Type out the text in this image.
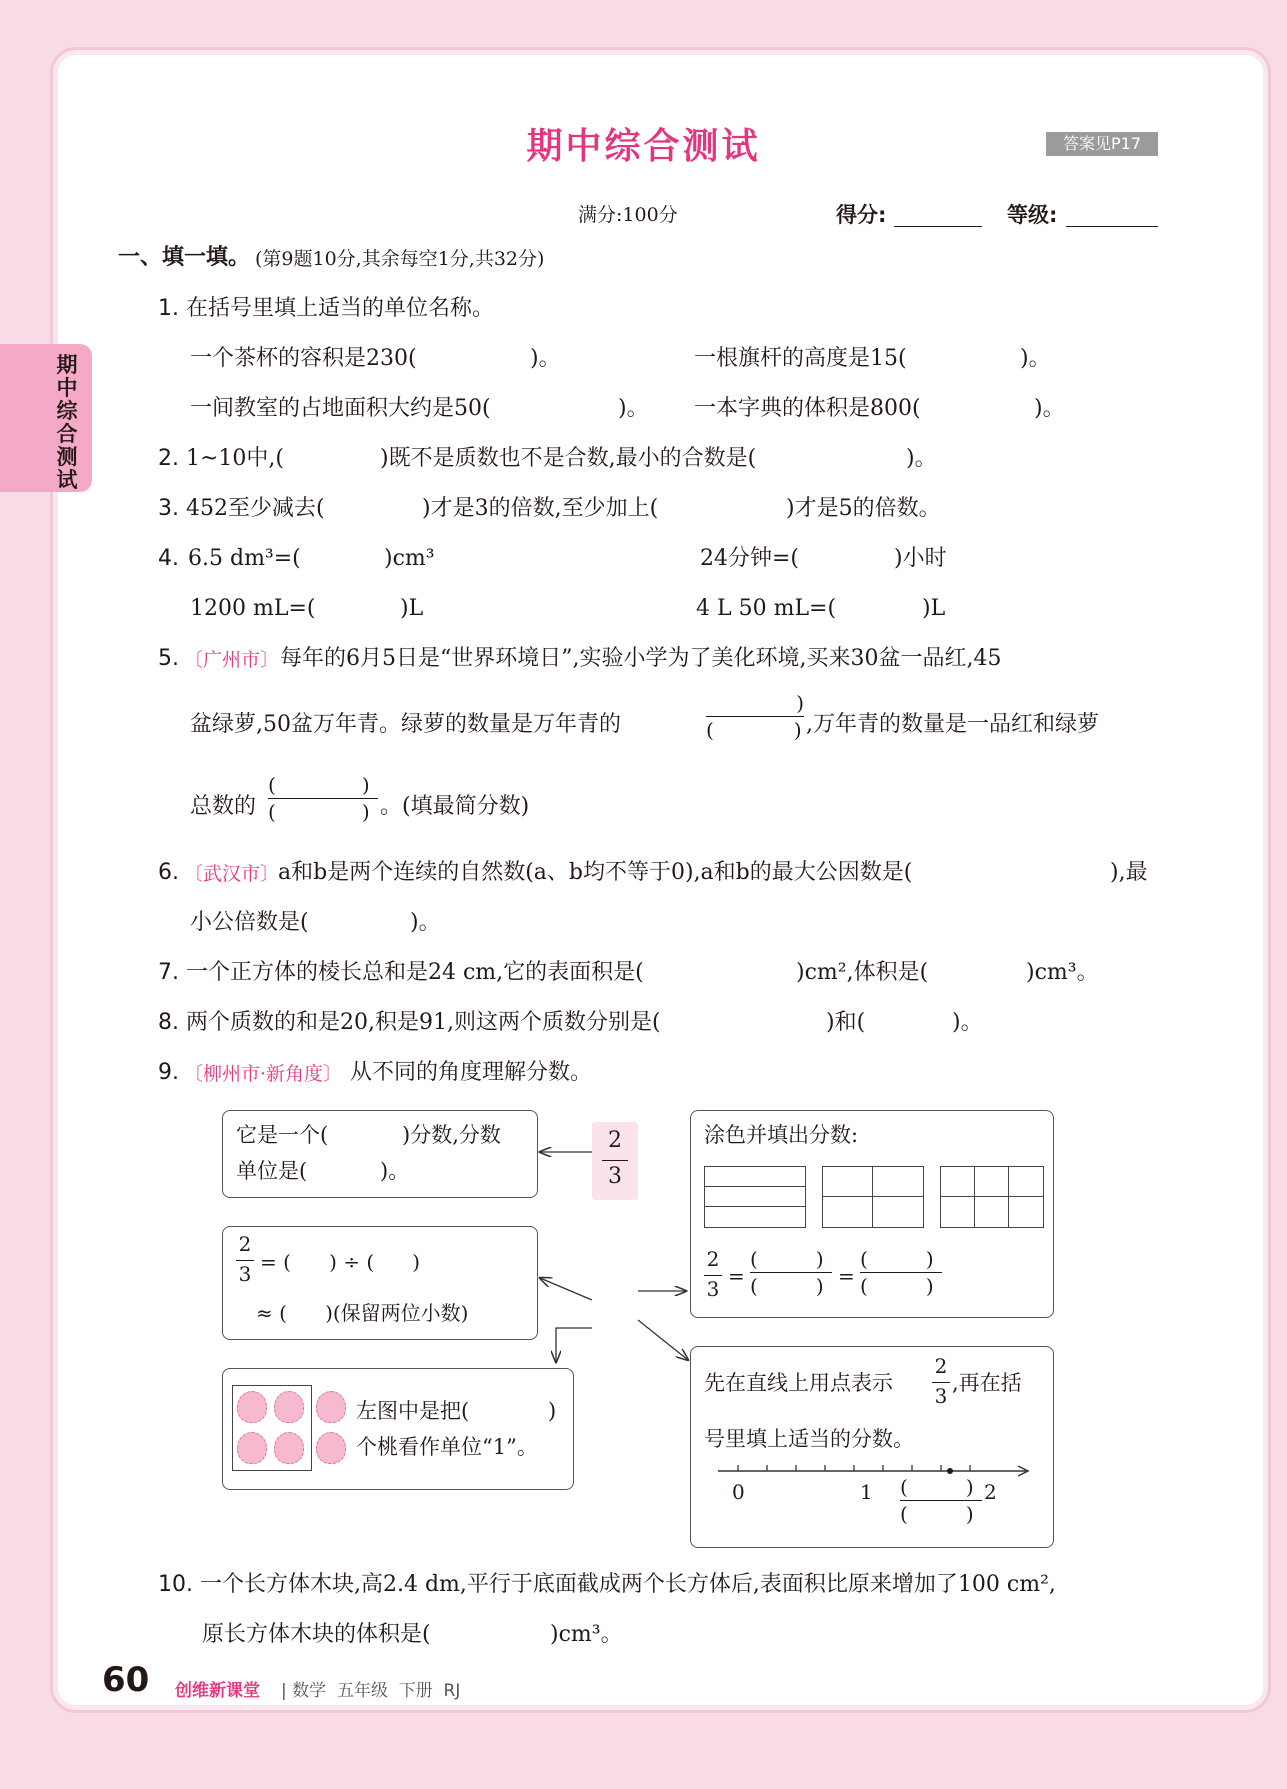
期中综合测试
期中综合测试	答案见P17
满分:100分	得分:	等级:
一、填一填。 (第9题10分,其余每空1分,共32分)
1. 在括号里填上适当的单位名称。
一个茶杯的容积是230(	)。	一根旗杆的高度是15(	)。
一间教室的占地面积大约是50(	)。 一本字典的体积是800(	)。
2. 1~10中,(	)既不是质数也不是合数,最小的合数是(	)。
3. 452至少减去(	)才是3的倍数,至少加上(	)才是5的倍数。
4. 6.5 dm³=(	)cm³	24分钟=(	)小时
1200 mL=(	)L	4 L 50 mL=(	)L
5. 〔广州市〕 每年的6月5日是“世界环境日”,实验小学为了美化环境,买来30盆一品红,45
盆绿萝,50盆万年青。绿萝的数量是万年青的
)
(	) ,万年青的数量是一品红和绿萝
总数的
(	)
(	) 。(填最简分数)
6. 〔武汉市〕
a和b是两个连续的自然数(a、b均不等于0),a和b的最大公因数是(	),最
小公倍数是(	)。
7. 一个正方体的棱长总和是24 cm,它的表面积是(	)cm²,体积是(	)cm³。
8. 两个质数的和是20,积是91,则这两个质数分别是(	)和(	)。
9. 〔柳州市·新角度〕 从不同的角度理解分数。
2
3
它是一个(	)分数,分数
单位是(	)。
2
3 = (      ) ÷ (      )
≈ (      )(保留两位小数)
左图中是把(	)
个桃看作单位“1”。
涂色并填出分数:
2
3
=
(	)
(	) =
(	)
(	)
先在直线上用点表示
2
3
,再在括
号里填上适当的分数。
0	1 (	)
(	)
2
10. 一个长方体木块,高2.4 dm,平行于底面截成两个长方体后,表面积比原来增加了100 cm²,
原长方体木块的体积是(	)cm³。
60 创维新课堂 | 数学  五年级  下册  RJ
